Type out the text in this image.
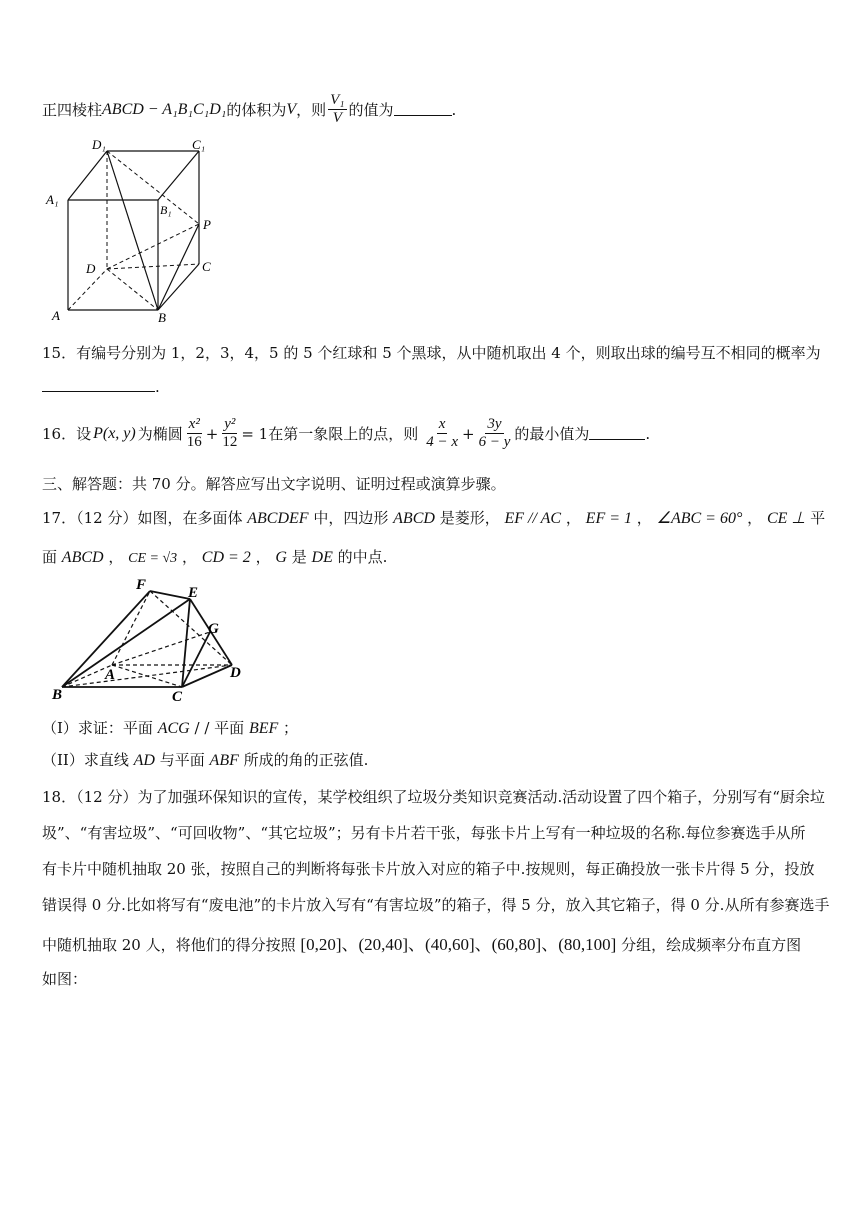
正四棱柱 ABCD − A₁B₁C₁D₁ 的体积为 V ，则 $\frac{\text{V₁}}{V}$ 的值为	.
D₁	C₁
A₁
B₁
P
D	C
A	B
15．有编号分别为 1，2，3，4，5 的 5 个红球和 5 个黑球，从中随机取出 4 个，则取出球的编号互不相同的概率为
.
16．设 P(x, y) 为椭圆 $\frac{\text{x²}}{16} + \frac{\text{y²}}{12} = 1$ 在第一象限上的点，则 $\frac{x}{4 - x} + \frac{3y}{6 - y}$ 的最小值为	.
三、解答题：共 70 分。解答应写出文字说明、证明过程或演算步骤。
17．（12 分）如图，在多面体 ABCDEF 中，四边形 ABCD 是菱形， EF // AC ， EF = 1 ， ∠ABC = 60° ， CE ⊥ 平
面 ABCD ， CE = √3 ， CD = 2 ， G 是 DE 的中点.
F	E
G
A	D
B	C
（I）求证：平面 ACG / / 平面 BEF ；
（II）求直线 AD 与平面 ABF 所成的角的正弦值.
18．（12 分）为了加强环保知识的宣传，某学校组织了垃圾分类知识竞赛活动.活动设置了四个箱子，分别写有“厨余垃
圾”、“有害垃圾”、“可回收物”、“其它垃圾”；另有卡片若干张，每张卡片上写有一种垃圾的名称.每位参赛选手从所
有卡片中随机抽取 20 张，按照自己的判断将每张卡片放入对应的箱子中.按规则，每正确投放一张卡片得 5 分，投放
错误得 0 分.比如将写有“废电池”的卡片放入写有“有害垃圾”的箱子，得 5 分，放入其它箱子，得 0 分.从所有参赛选手
中随机抽取 20 人，将他们的得分按照 [0,20]、(20,40]、(40,60]、(60,80]、(80,100] 分组，绘成频率分布直方图
如图：
